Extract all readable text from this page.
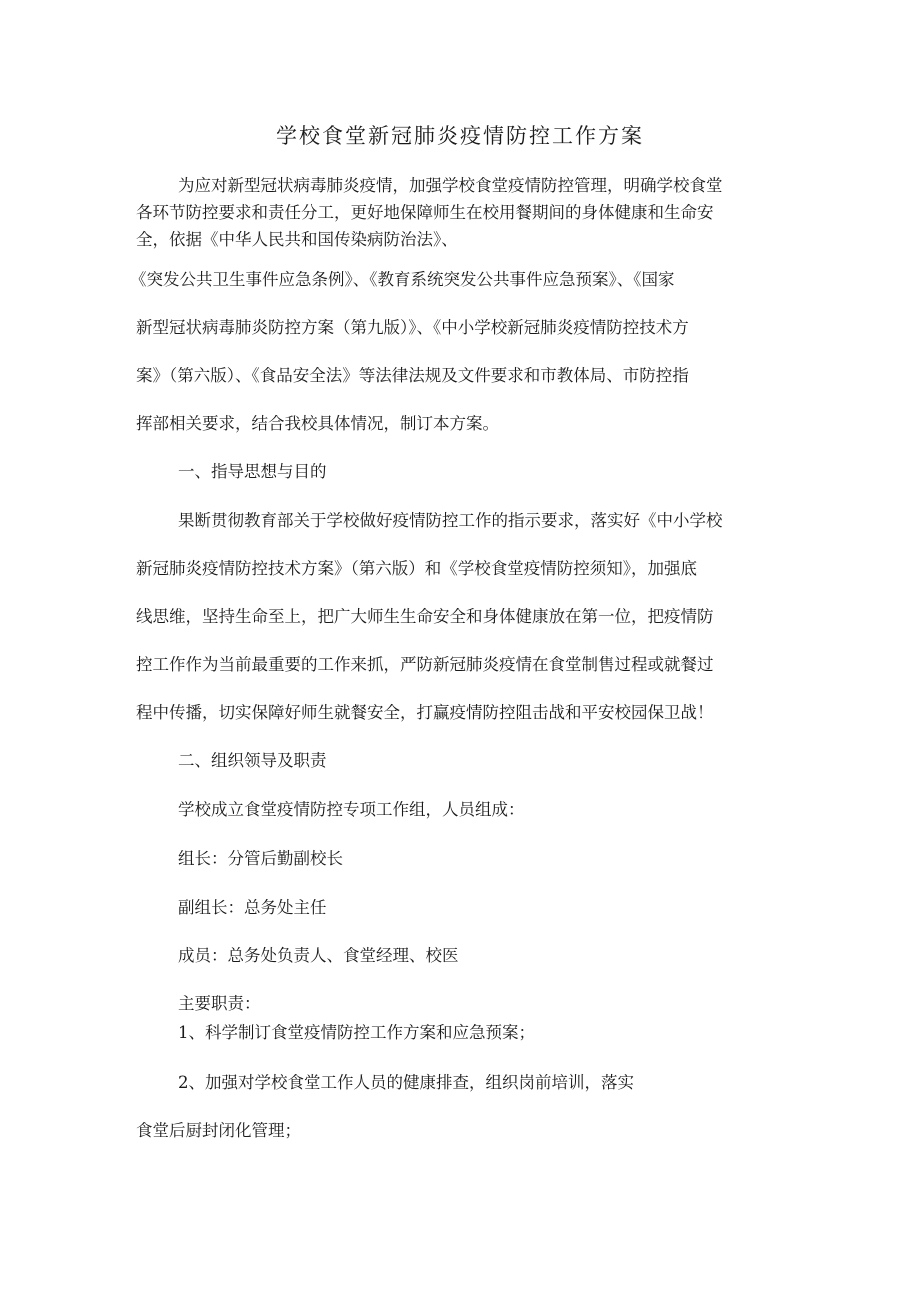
学校食堂新冠肺炎疫情防控工作方案
为应对新型冠状病毒肺炎疫情，加强学校食堂疫情防控管理，明确学校食堂
各环节防控要求和责任分工，更好地保障师生在校用餐期间的身体健康和生命安
全，依据《中华人民共和国传染病防治法》、
《突发公共卫生事件应急条例》、《教育系统突发公共事件应急预案》、《国家
新型冠状病毒肺炎防控方案（第九版）》、《中小学校新冠肺炎疫情防控技术方
案》（第六版）、《食品安全法》等法律法规及文件要求和市教体局、市防控指
挥部相关要求，结合我校具体情况，制订本方案。
一、指导思想与目的
果断贯彻教育部关于学校做好疫情防控工作的指示要求，落实好《中小学校
新冠肺炎疫情防控技术方案》（第六版）和《学校食堂疫情防控须知》，加强底
线思维，坚持生命至上，把广大师生生命安全和身体健康放在第一位，把疫情防
控工作作为当前最重要的工作来抓，严防新冠肺炎疫情在食堂制售过程或就餐过
程中传播，切实保障好师生就餐安全，打赢疫情防控阻击战和平安校园保卫战！
二、组织领导及职责
学校成立食堂疫情防控专项工作组，人员组成：
组长：分管后勤副校长
副组长：总务处主任
成员：总务处负责人、食堂经理、校医
主要职责：
1、科学制订食堂疫情防控工作方案和应急预案；
2、加强对学校食堂工作人员的健康排查，组织岗前培训，落实
食堂后厨封闭化管理；
